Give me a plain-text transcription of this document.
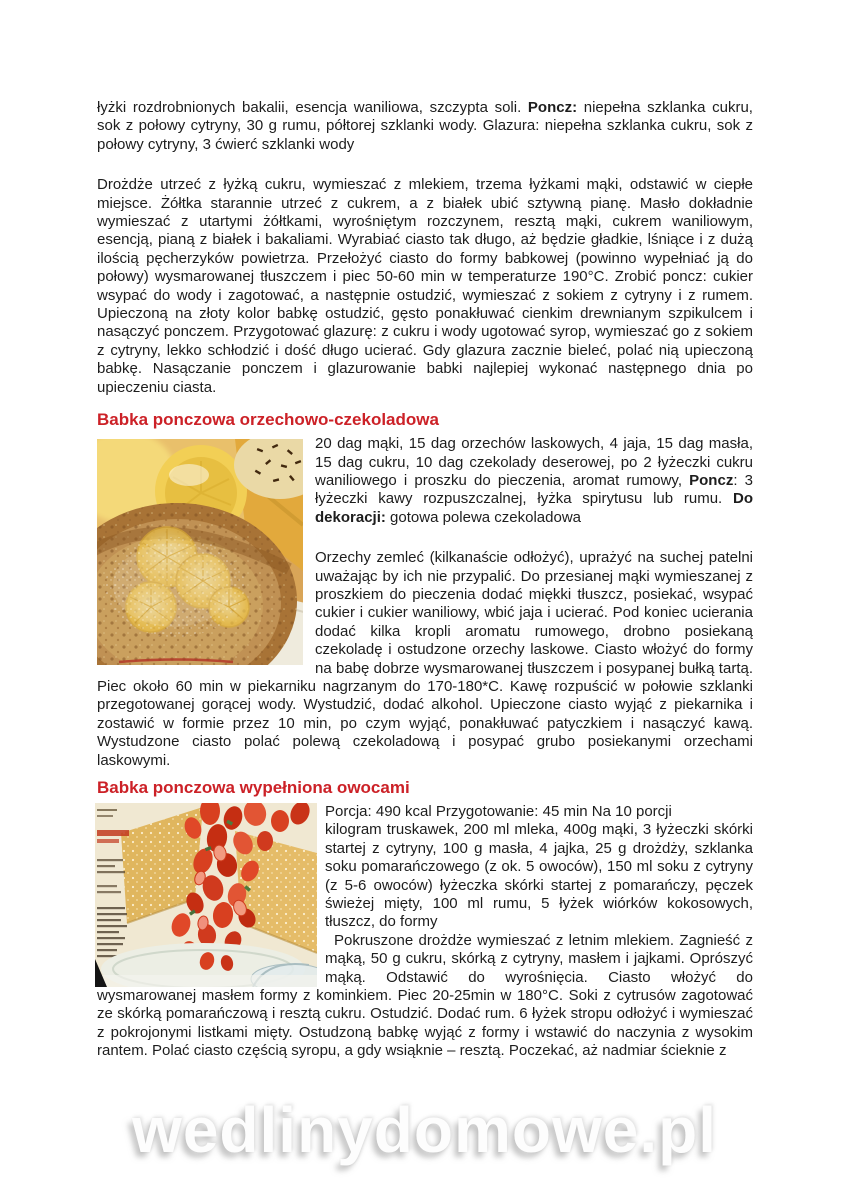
wedlinydomowe.pl

łyżki rozdrobnionych bakalii, esencja waniliowa, szczypta soli. Poncz: niepełna szklanka cukru, sok z połowy cytryny, 30 g rumu, półtorej szklanki wody. Glazura: niepełna szklanka cukru, sok z połowy cytryny, 3 ćwierć szklanki wody

Drożdże utrzeć z łyżką cukru, wymieszać z mlekiem, trzema łyżkami mąki, odstawić w ciepłe miejsce. Żółtka starannie utrzeć z cukrem, a z białek ubić sztywną pianę. Masło dokładnie wymieszać z utartymi żółtkami, wyrośniętym rozczynem, resztą mąki, cukrem waniliowym, esencją, pianą z białek i bakaliami. Wyrabiać ciasto tak długo, aż będzie gładkie, lśniące i z dużą ilością pęcherzyków powietrza. Przełożyć ciasto do formy babkowej (powinno wypełniać ją do połowy) wysmarowanej tłuszczem i piec 50-60 min w temperaturze 190°C. Zrobić poncz: cukier wsypać do wody i zagotować, a następnie ostudzić, wymieszać z sokiem z cytryny i z rumem. Upieczoną na złoty kolor babkę ostudzić, gęsto ponakłuwać cienkim drewnianym szpikulcem i nasączyć ponczem. Przygotować glazurę: z cukru i wody ugotować syrop, wymieszać go z sokiem z cytryny, lekko schłodzić i dość długo ucierać. Gdy glazura zacznie bieleć, polać nią upieczoną babkę. Nasączanie ponczem i glazurowanie babki najlepiej wykonać następnego dnia po upieczeniu ciasta.

Babka ponczowa orzechowo-czekoladowa

20 dag mąki, 15 dag orzechów laskowych, 4 jaja, 15 dag masła, 15 dag cukru, 10 dag czekolady deserowej, po 2 łyżeczki cukru waniliowego i proszku do pieczenia, aromat rumowy, Poncz: 3 łyżeczki kawy rozpuszczalnej, łyżka spirytusu lub rumu. Do dekoracji: gotowa polewa czekoladowa

Orzechy zemleć (kilkanaście odłożyć), uprażyć na suchej patelni uważając by ich nie przypalić. Do przesianej mąki wymieszanej z proszkiem do pieczenia dodać miękki tłuszcz, posiekać, wsypać cukier i cukier waniliowy, wbić jaja i ucierać. Pod koniec ucierania dodać kilka kropli aromatu rumowego, drobno posiekaną czekoladę i ostudzone orzechy laskowe. Ciasto włożyć do formy na babę dobrze wysmarowanej tłuszczem i posypanej bułką tartą. Piec około 60 min w piekarniku nagrzanym do 170-180*C. Kawę rozpuścić w połowie szklanki przegotowanej gorącej wody. Wystudzić, dodać alkohol. Upieczone ciasto wyjąć z piekarnika i zostawić w formie przez 10 min, po czym wyjąć, ponakłuwać patyczkiem i nasączyć kawą. Wystudzone ciasto polać polewą czekoladową i posypać grubo posiekanymi orzechami laskowymi.

Babka ponczowa wypełniona owocami
Porcja: 490 kcal Przygotowanie: 45 min Na 10 porcji

kilogram truskawek, 200 ml mleka, 400g mąki, 3 łyżeczki skórki startej z cytryny, 100 g masła, 4 jajka, 25 g drożdży, szklanka soku pomarańczowego (z ok. 5 owoców), 150 ml soku z cytryny (z 5-6 owoców) łyżeczka skórki startej z pomarańczy, pęczek świeżej mięty, 100 ml rumu, 5 łyżek wiórków kokosowych, tłuszcz, do formy

Pokruszone drożdże wymieszać z letnim mlekiem. Zagnieść z mąką, 50 g cukru, skórką z cytryny, masłem i jajkami. Oprószyć mąką. Odstawić do wyrośnięcia. Ciasto włożyć do wysmarowanej masłem formy z kominkiem. Piec 20-25min w 180°C. Soki z cytrusów zagotować ze skórką pomarańczową i resztą cukru. Ostudzić. Dodać rum. 6 łyżek stropu odłożyć i wymieszać z pokrojonymi listkami mięty. Ostudzoną babkę wyjąć z formy i wstawić do naczynia z wysokim rantem. Polać ciasto częścią syropu, a gdy wsiąknie – resztą. Poczekać, aż nadmiar ścieknie z
